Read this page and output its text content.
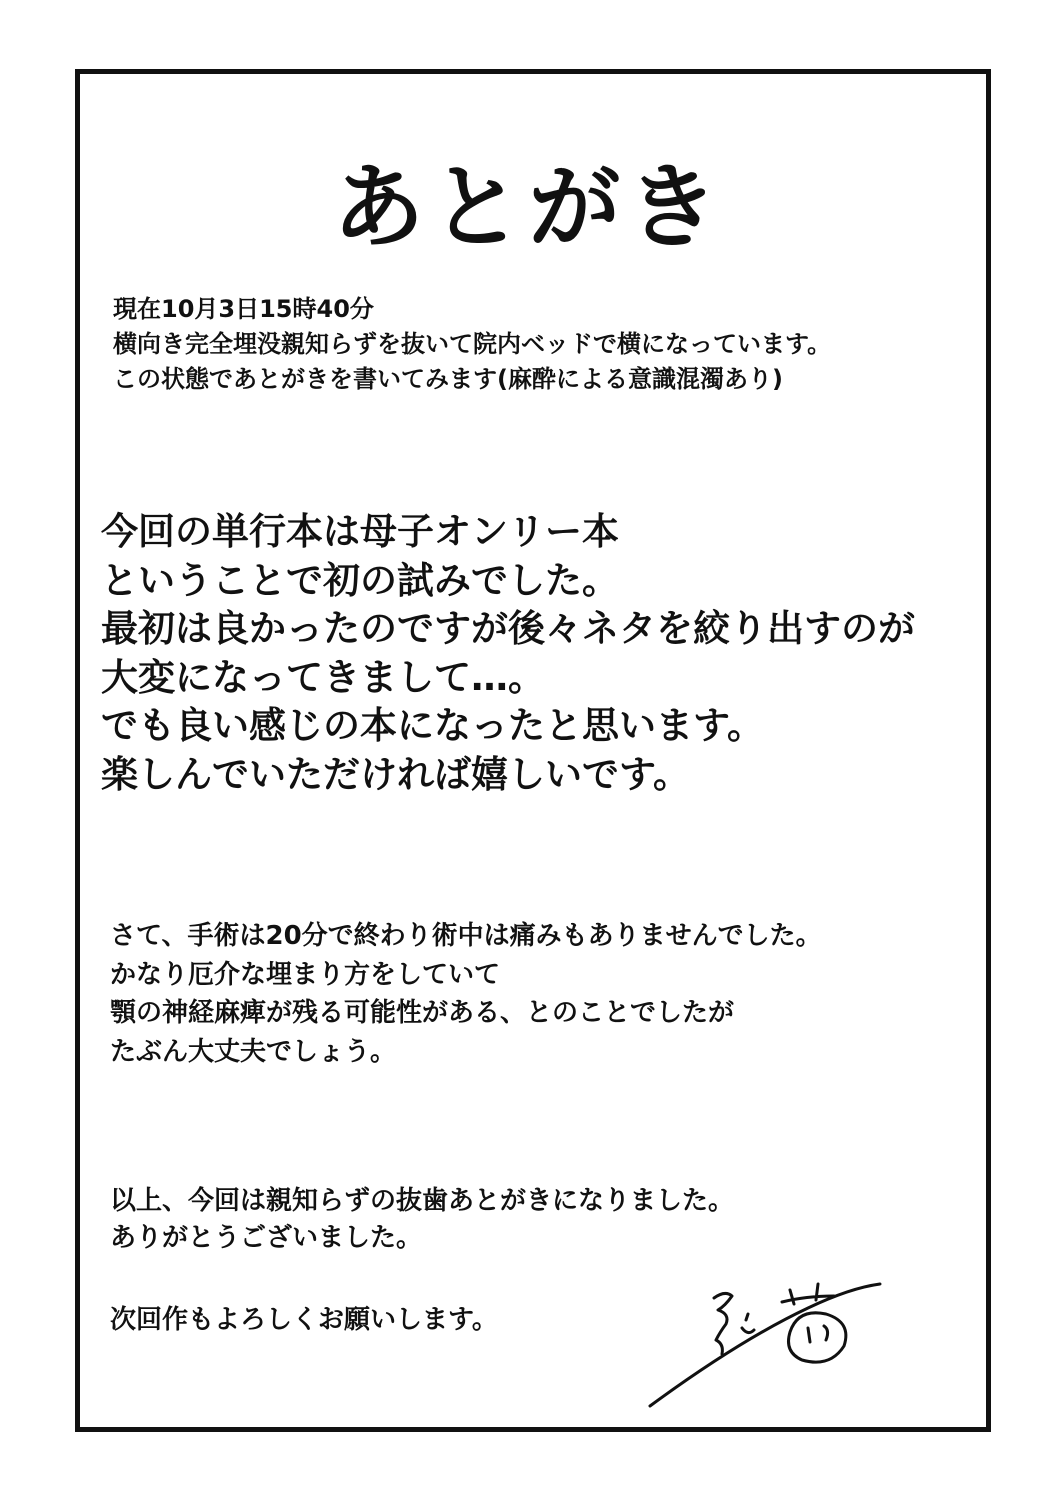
あとがき
現在10月3日15時40分
横向き完全埋没親知らずを抜いて院内ベッドで横になっています。
この状態であとがきを書いてみます(麻酔による意識混濁あり)
今回の単行本は母子オンリー本
ということで初の試みでした。
最初は良かったのですが後々ネタを絞り出すのが
大変になってきまして…。
でも良い感じの本になったと思います。
楽しんでいただければ嬉しいです。
さて、手術は20分で終わり術中は痛みもありませんでした。
かなり厄介な埋まり方をしていて
顎の神経麻痺が残る可能性がある、とのことでしたが
たぶん大丈夫でしょう。
以上、今回は親知らずの抜歯あとがきになりました。
ありがとうございました。
次回作もよろしくお願いします。
